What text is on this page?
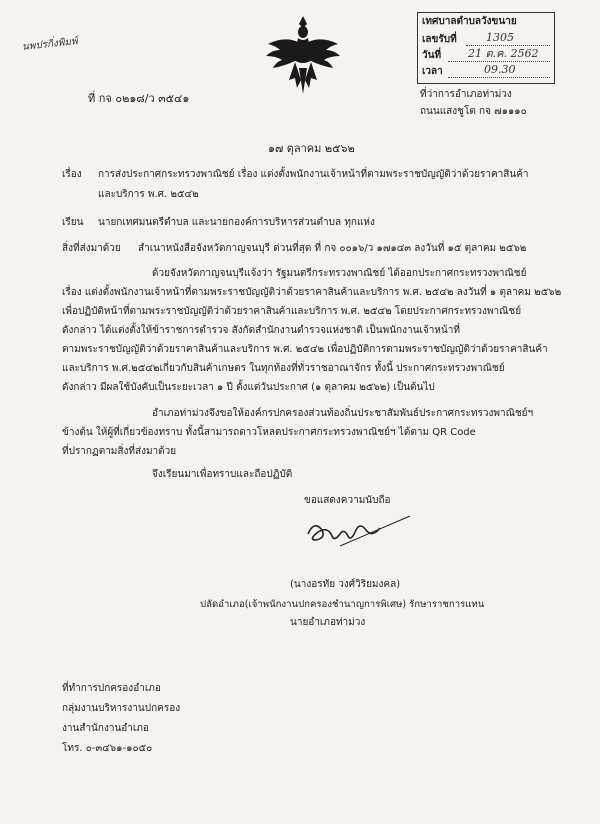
นพปรกิ่งพิมพ์
เทศบาลตำบลวังขนาย
เลขรับที่	1305
วันที่ 21 ต.ค. 2562
เวลา	09.30
ที่ กจ ๐๒๑๘/ว ๓๕๔๑	ที่ว่าการอำเภอท่าม่วง
ถนนแสงชูโต กจ ๗๑๑๑๐
๑๗ ตุลาคม ๒๕๖๒
เรื่อง การส่งประกาศกระทรวงพาณิชย์ เรื่อง แต่งตั้งพนักงานเจ้าหน้าที่ตามพระราชบัญญัติว่าด้วยราคาสินค้า
และบริการ พ.ศ. ๒๕๔๒
เรียน นายกเทศมนตรีตำบล และนายกองค์การบริหารส่วนตำบล ทุกแห่ง
สิ่งที่ส่งมาด้วย สำเนาหนังสือจังหวัดกาญจนบุรี ด่วนที่สุด ที่ กจ ๐๐๑๖/ว ๑๗๑๔๓ ลงวันที่ ๑๕ ตุลาคม ๒๕๖๒
ด้วยจังหวัดกาญจนบุรีแจ้งว่า รัฐมนตรีกระทรวงพาณิชย์ ได้ออกประกาศกระทรวงพาณิชย์
เรื่อง แต่งตั้งพนักงานเจ้าหน้าที่ตามพระราชบัญญัติว่าด้วยราคาสินค้าและบริการ พ.ศ. ๒๕๔๒ ลงวันที่ ๑ ตุลาคม ๒๕๖๒
เพื่อปฏิบัติหน้าที่ตามพระราชบัญญัติว่าด้วยราคาสินค้าและบริการ พ.ศ. ๒๕๔๒ โดยประกาศกระทรวงพาณิชย์
ดังกล่าว ได้แต่งตั้งให้ข้าราชการตำรวจ สังกัดสำนักงานตำรวจแห่งชาติ เป็นพนักงานเจ้าหน้าที่
ตามพระราชบัญญัติว่าด้วยราคาสินค้าและบริการ พ.ศ. ๒๕๔๒ เพื่อปฏิบัติการตามพระราชบัญญัติว่าด้วยราคาสินค้า
และบริการ พ.ศ.๒๕๔๒เกี่ยวกับสินค้าเกษตร ในทุกท้องที่ทั่วราชอาณาจักร ทั้งนี้ ประกาศกระทรวงพาณิชย์
ดังกล่าว มีผลใช้บังคับเป็นระยะเวลา ๑ ปี ตั้งแต่วันประกาศ (๑ ตุลาคม ๒๕๖๒) เป็นต้นไป
อำเภอท่าม่วงจึงขอให้องค์กรปกครองส่วนท้องถิ่นประชาสัมพันธ์ประกาศกระทรวงพาณิชย์ฯ
ข้างต้น ให้ผู้ที่เกี่ยวข้องทราบ ทั้งนี้สามารถดาวโหลดประกาศกระทรวงพาณิชย์ฯ ได้ตาม QR Code
ที่ปรากฏตามสิ่งที่ส่งมาด้วย
จึงเรียนมาเพื่อทราบและถือปฏิบัติ
ขอแสดงความนับถือ
(นางอรทัย วงศ์วิริยมงคล)
ปลัดอำเภอ(เจ้าพนักงานปกครองชำนาญการพิเศษ) รักษาราชการแทน
นายอำเภอท่าม่วง
ที่ทำการปกครองอำเภอ
กลุ่มงานบริหารงานปกครอง
งานสำนักงานอำเภอ
โทร. ๐-๓๔๖๑-๑๐๕๐
